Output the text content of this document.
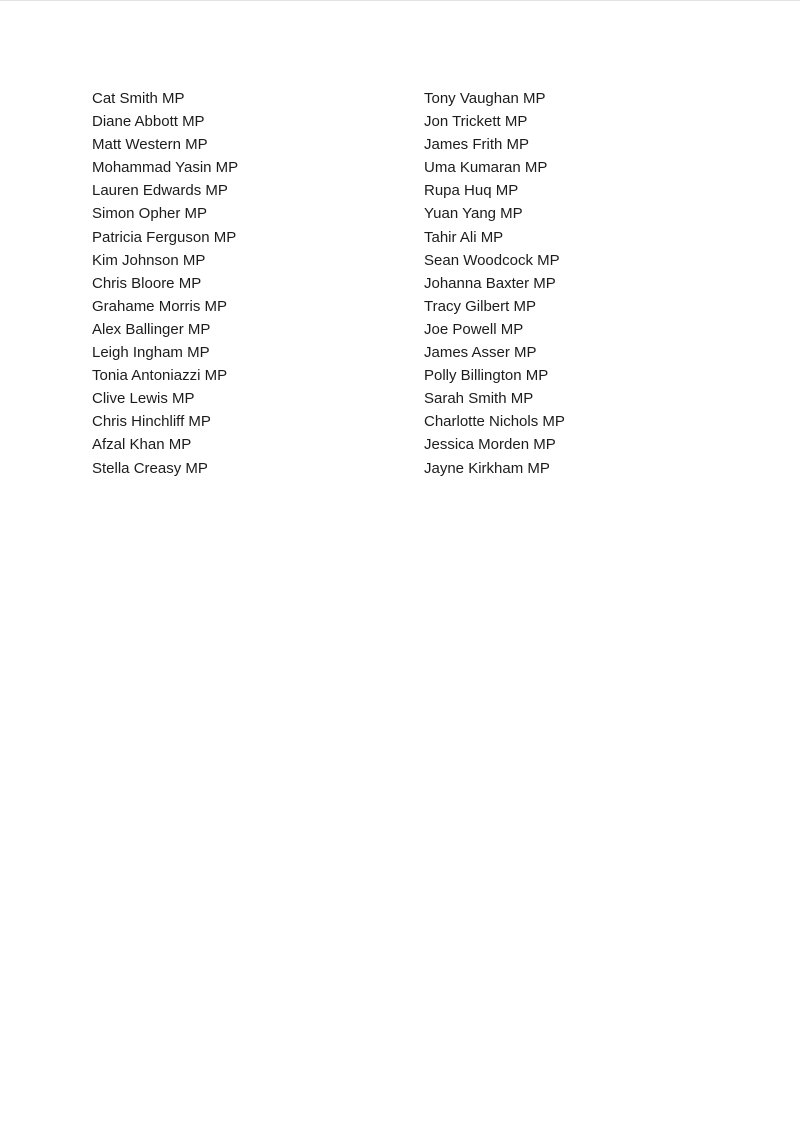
Cat Smith MP
Diane Abbott MP
Matt Western MP
Mohammad Yasin MP
Lauren Edwards MP
Simon Opher MP
Patricia Ferguson MP
Kim Johnson MP
Chris Bloore MP
Grahame Morris MP
Alex Ballinger MP
Leigh Ingham MP
Tonia Antoniazzi MP
Clive Lewis MP
Chris Hinchliff MP
Afzal Khan MP
Stella Creasy MP
Tony Vaughan MP
Jon Trickett MP
James Frith MP
Uma Kumaran MP
Rupa Huq MP
Yuan Yang MP
Tahir Ali MP
Sean Woodcock MP
Johanna Baxter MP
Tracy Gilbert MP
Joe Powell MP
James Asser MP
Polly Billington MP
Sarah Smith MP
Charlotte Nichols MP
Jessica Morden MP
Jayne Kirkham MP
